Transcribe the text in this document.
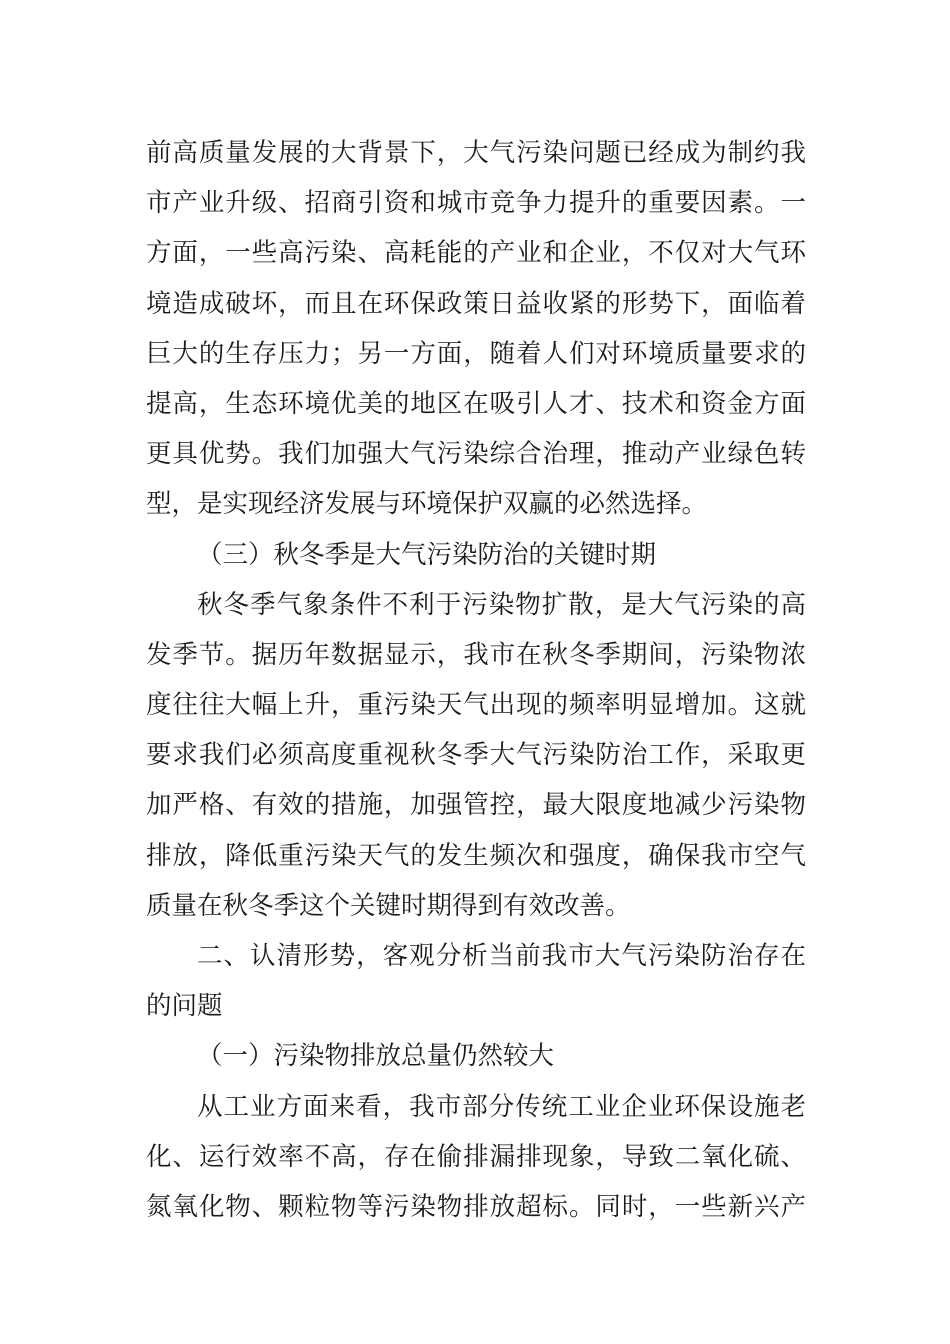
前高质量发展的大背景下，大气污染问题已经成为制约我
市产业升级、招商引资和城市竞争力提升的重要因素。一
方面，一些高污染、高耗能的产业和企业，不仅对大气环
境造成破坏，而且在环保政策日益收紧的形势下，面临着
巨大的生存压力；另一方面，随着人们对环境质量要求的
提高，生态环境优美的地区在吸引人才、技术和资金方面
更具优势。我们加强大气污染综合治理，推动产业绿色转
型，是实现经济发展与环境保护双赢的必然选择。
（三）秋冬季是大气污染防治的关键时期
秋冬季气象条件不利于污染物扩散，是大气污染的高
发季节。据历年数据显示，我市在秋冬季期间，污染物浓
度往往大幅上升，重污染天气出现的频率明显增加。这就
要求我们必须高度重视秋冬季大气污染防治工作，采取更
加严格、有效的措施，加强管控，最大限度地减少污染物
排放，降低重污染天气的发生频次和强度，确保我市空气
质量在秋冬季这个关键时期得到有效改善。
二、认清形势，客观分析当前我市大气污染防治存在
的问题
（一）污染物排放总量仍然较大
从工业方面来看，我市部分传统工业企业环保设施老
化、运行效率不高，存在偷排漏排现象，导致二氧化硫、
氮氧化物、颗粒物等污染物排放超标。同时，一些新兴产
